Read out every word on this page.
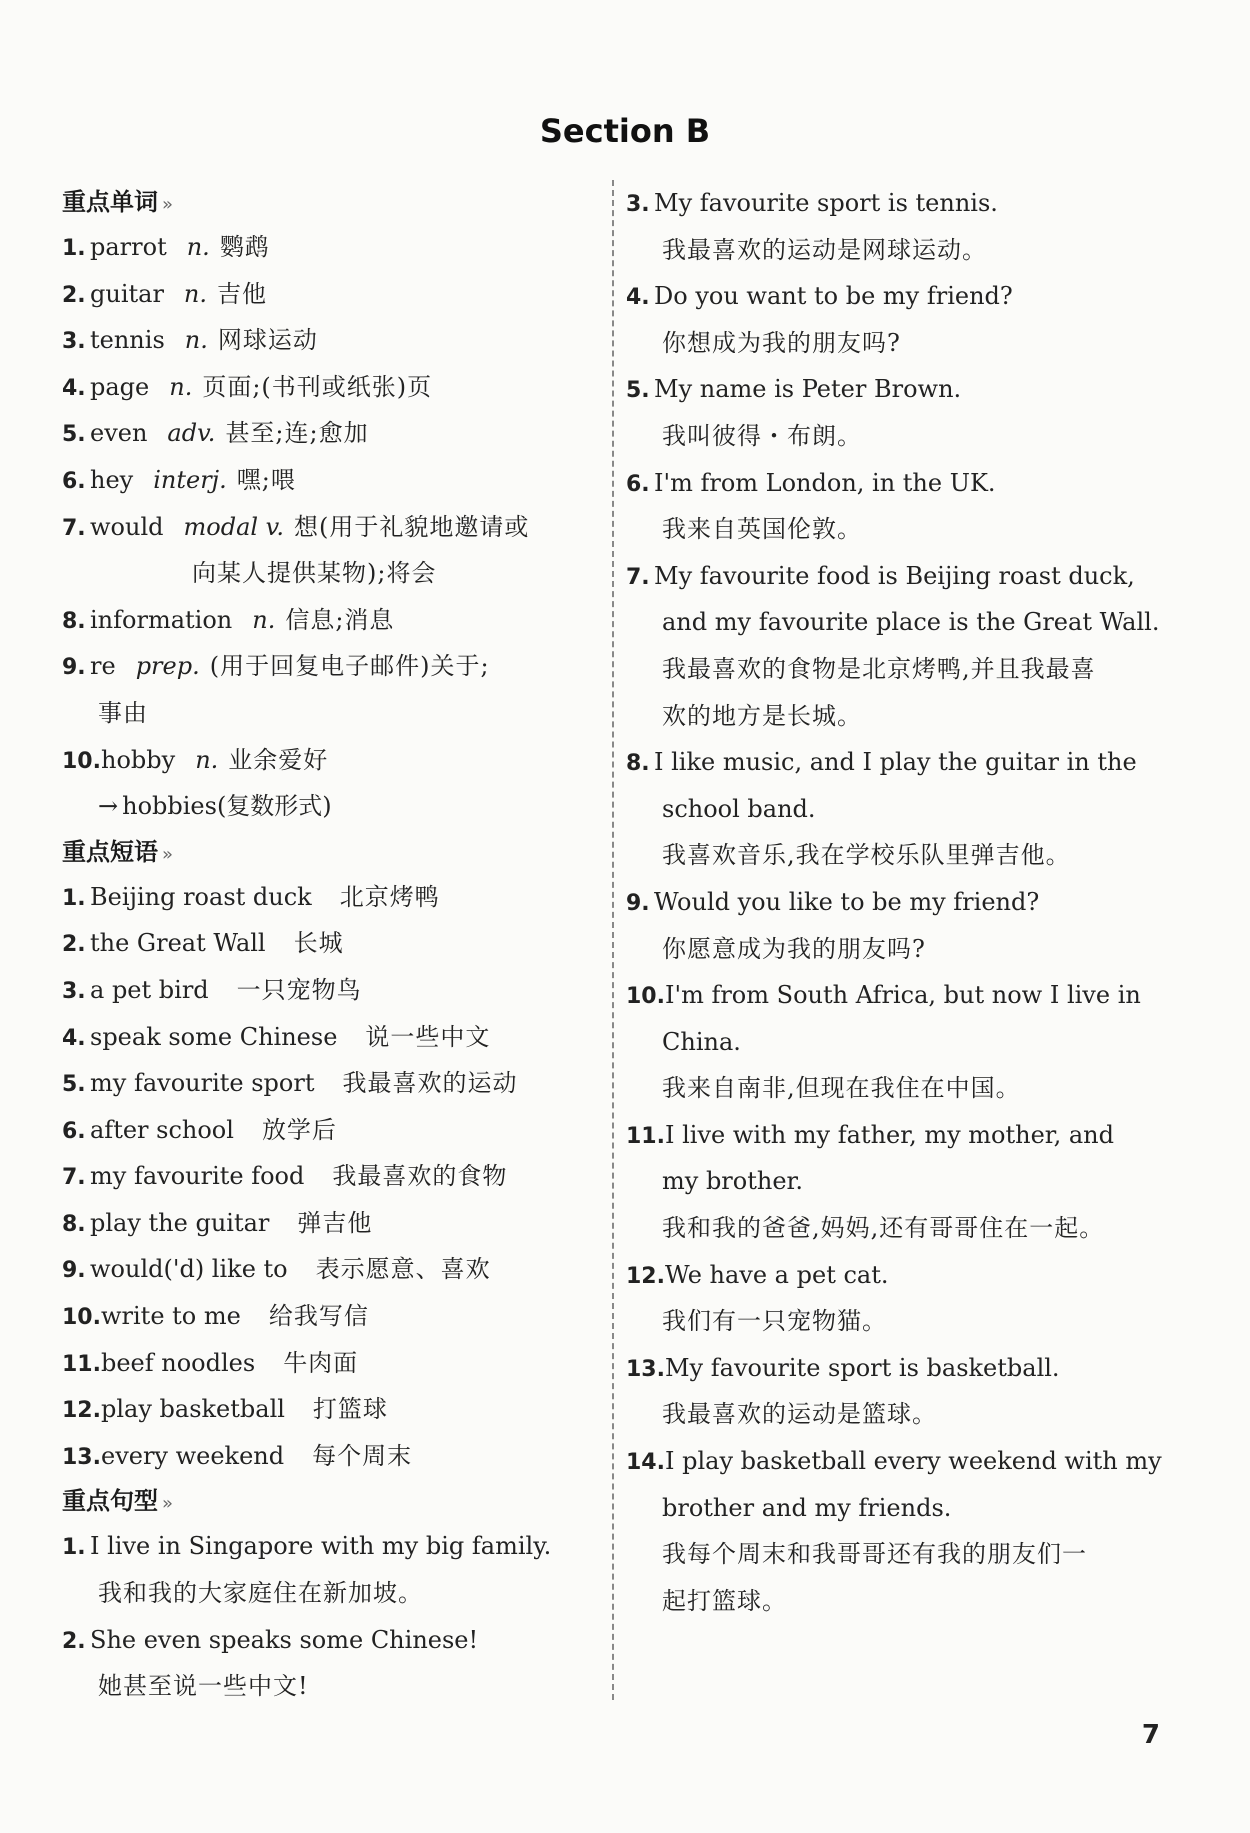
Section B
重点单词 »
1. parrot n. 鹦鹉
2. guitar n. 吉他
3. tennis n. 网球运动
4. page n. 页面;(书刊或纸张)页
5. even adv. 甚至;连;愈加
6. hey interj. 嘿;喂
7. would modal v. 想(用于礼貌地邀请或
向某人提供某物);将会
8. information n. 信息;消息
9. re prep. (用于回复电子邮件)关于;
事由
10.hobby n. 业余爱好
→ hobbies(复数形式)
重点短语 »
1. Beijing roast duck 北京烤鸭
2. the Great Wall 长城
3. a pet bird 一只宠物鸟
4. speak some Chinese 说一些中文
5. my favourite sport 我最喜欢的运动
6. after school 放学后
7. my favourite food 我最喜欢的食物
8. play the guitar 弹吉他
9. would('d) like to 表示愿意、喜欢
10.write to me 给我写信
11.beef noodles 牛肉面
12.play basketball 打篮球
13.every weekend 每个周末
重点句型 »
1. I live in Singapore with my big family.
我和我的大家庭住在新加坡。
2. She even speaks some Chinese!
她甚至说一些中文!
3. My favourite sport is tennis.
我最喜欢的运动是网球运动。
4. Do you want to be my friend?
你想成为我的朋友吗?
5. My name is Peter Brown.
我叫彼得・布朗。
6. I'm from London, in the UK.
我来自英国伦敦。
7. My favourite food is Beijing roast duck,
and my favourite place is the Great Wall.
我最喜欢的食物是北京烤鸭,并且我最喜
欢的地方是长城。
8. I like music, and I play the guitar in the
school band.
我喜欢音乐,我在学校乐队里弹吉他。
9. Would you like to be my friend?
你愿意成为我的朋友吗?
10.I'm from South Africa, but now I live in
China.
我来自南非,但现在我住在中国。
11.I live with my father, my mother, and
my brother.
我和我的爸爸,妈妈,还有哥哥住在一起。
12.We have a pet cat.
我们有一只宠物猫。
13.My favourite sport is basketball.
我最喜欢的运动是篮球。
14.I play basketball every weekend with my
brother and my friends.
我每个周末和我哥哥还有我的朋友们一
起打篮球。
7
